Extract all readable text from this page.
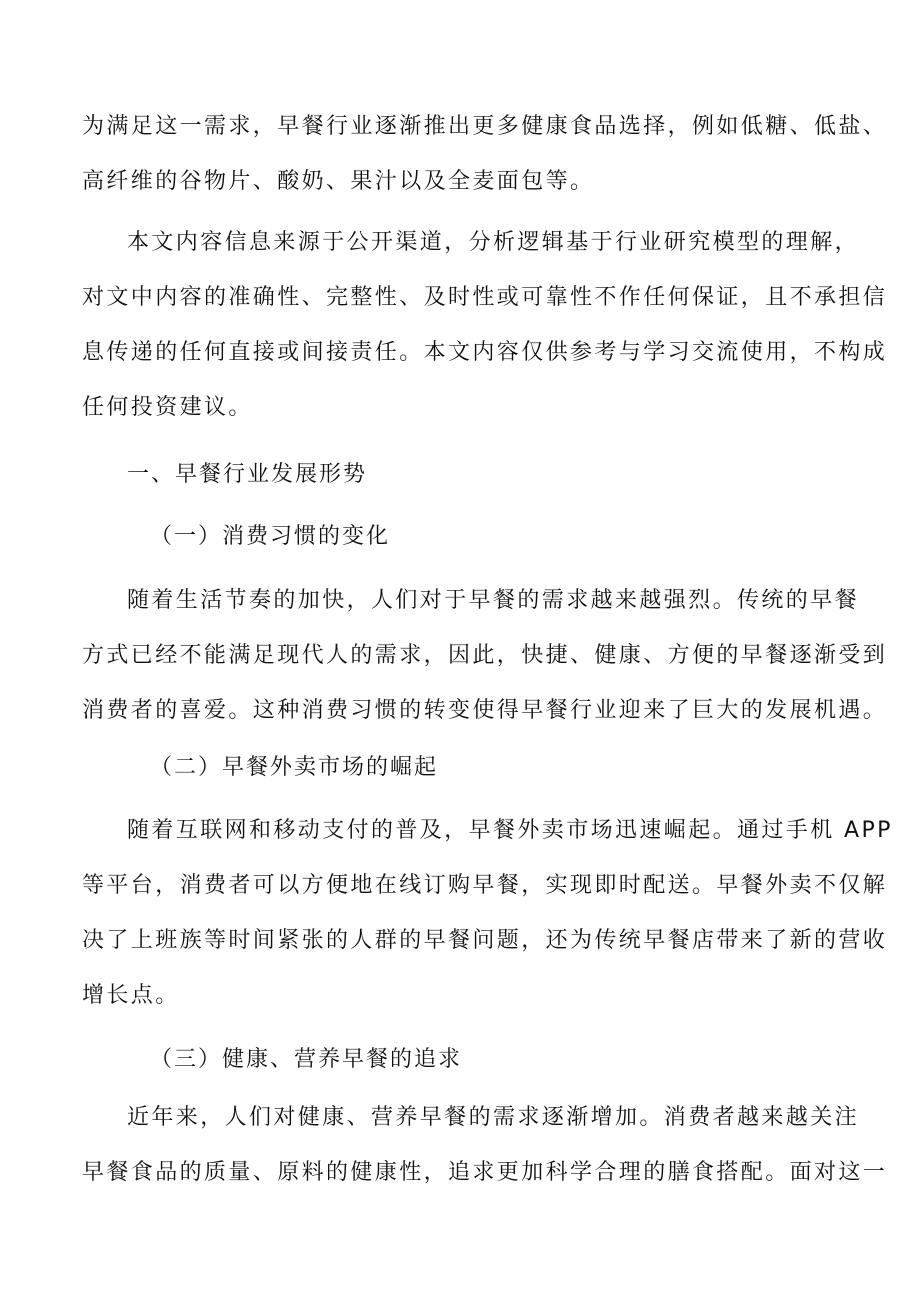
为满足这一需求，早餐行业逐渐推出更多健康食品选择，例如低糖、低盐、
高纤维的谷物片、酸奶、果汁以及全麦面包等。
本文内容信息来源于公开渠道，分析逻辑基于行业研究模型的理解，
对文中内容的准确性、完整性、及时性或可靠性不作任何保证，且不承担信
息传递的任何直接或间接责任。本文内容仅供参考与学习交流使用，不构成
任何投资建议。
一、早餐行业发展形势
（一）消费习惯的变化
随着生活节奏的加快，人们对于早餐的需求越来越强烈。传统的早餐
方式已经不能满足现代人的需求，因此，快捷、健康、方便的早餐逐渐受到
消费者的喜爱。这种消费习惯的转变使得早餐行业迎来了巨大的发展机遇。
（二）早餐外卖市场的崛起
随着互联网和移动支付的普及，早餐外卖市场迅速崛起。通过手机 APP
等平台，消费者可以方便地在线订购早餐，实现即时配送。早餐外卖不仅解
决了上班族等时间紧张的人群的早餐问题，还为传统早餐店带来了新的营收
增长点。
（三）健康、营养早餐的追求
近年来，人们对健康、营养早餐的需求逐渐增加。消费者越来越关注
早餐食品的质量、原料的健康性，追求更加科学合理的膳食搭配。面对这一
